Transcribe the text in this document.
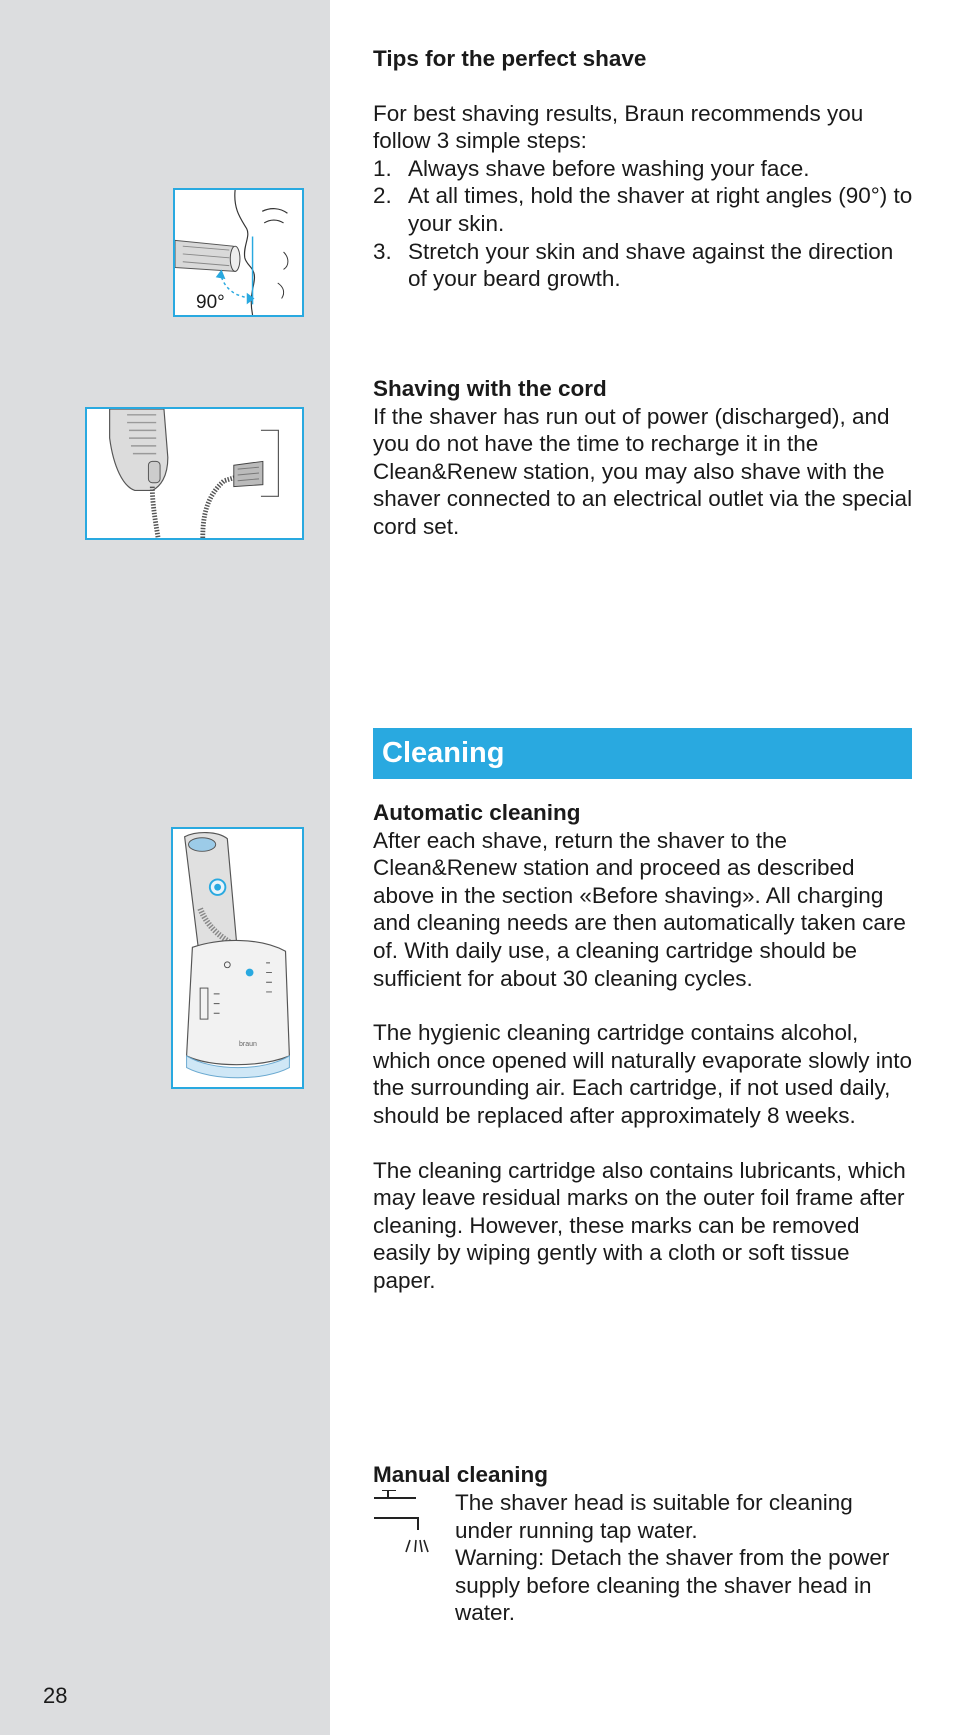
90°
braun

Tips for the perfect shave

For best shaving results, Braun recommends you follow 3 simple steps:

1. Always shave before washing your face.
2. At all times, hold the shaver at right angles (90°) to your skin.
3. Stretch your skin and shave against the direction of your beard growth.

Shaving with the cord

If the shaver has run out of power (discharged), and you do not have the time to recharge it in the Clean&Renew station, you may also shave with the shaver connected to an electrical outlet via the special cord set.

Cleaning

Automatic cleaning

After each shave, return the shaver to the Clean&Renew station and proceed as described above in the section «Before shaving». All charging and cleaning needs are then automatically taken care of. With daily use, a cleaning cartridge should be sufficient for about 30 cleaning cycles.

The hygienic cleaning cartridge contains alcohol, which once opened will naturally evaporate slowly into the surrounding air. Each cartridge, if not used daily, should be replaced after approximately 8 weeks.

The cleaning cartridge also contains lubricants, which may leave residual marks on the outer foil frame after cleaning. However, these marks can be removed easily by wiping gently with a cloth or soft tissue paper.

Manual cleaning

The shaver head is suitable for cleaning under running tap water.

Warning: Detach the shaver from the power supply before cleaning the shaver head in water.

28
